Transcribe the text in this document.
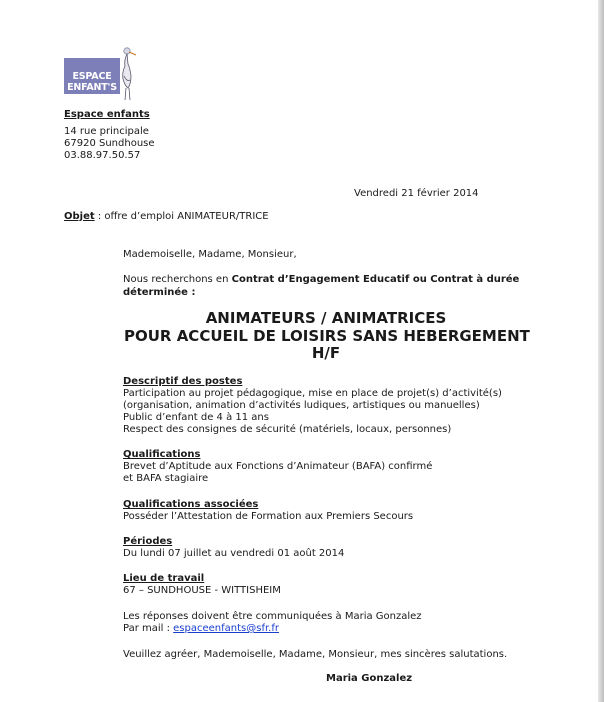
ESPACE
ENFANT'S
ASSOCIATION INTERCOMMUNALE DE SUNDHOUSE
Espace enfants
14 rue principale
67920 Sundhouse
03.88.97.50.57
Vendredi 21 février 2014
Objet : offre d’emploi ANIMATEUR/TRICE
Mademoiselle, Madame, Monsieur,
Nous recherchons en Contrat d’Engagement Educatif ou Contrat à durée
déterminée :
ANIMATEURS / ANIMATRICES
POUR ACCUEIL DE LOISIRS SANS HEBERGEMENT
H/F
Descriptif des postes
Participation au projet pédagogique, mise en place de projet(s) d’activité(s)
(organisation, animation d’activités ludiques, artistiques ou manuelles)
Public d’enfant de 4 à 11 ans
Respect des consignes de sécurité (matériels, locaux, personnes)
Qualifications
Brevet d’Aptitude aux Fonctions d’Animateur (BAFA) confirmé
et BAFA stagiaire
Qualifications associées
Posséder l’Attestation de Formation aux Premiers Secours
Périodes
Du lundi 07 juillet au vendredi 01 août 2014
Lieu de travail
67 – SUNDHOUSE - WITTISHEIM
Les réponses doivent être communiquées à Maria Gonzalez
Par mail : espaceenfants@sfr.fr
Veuillez agréer, Mademoiselle, Madame, Monsieur, mes sincères salutations.
Maria Gonzalez
